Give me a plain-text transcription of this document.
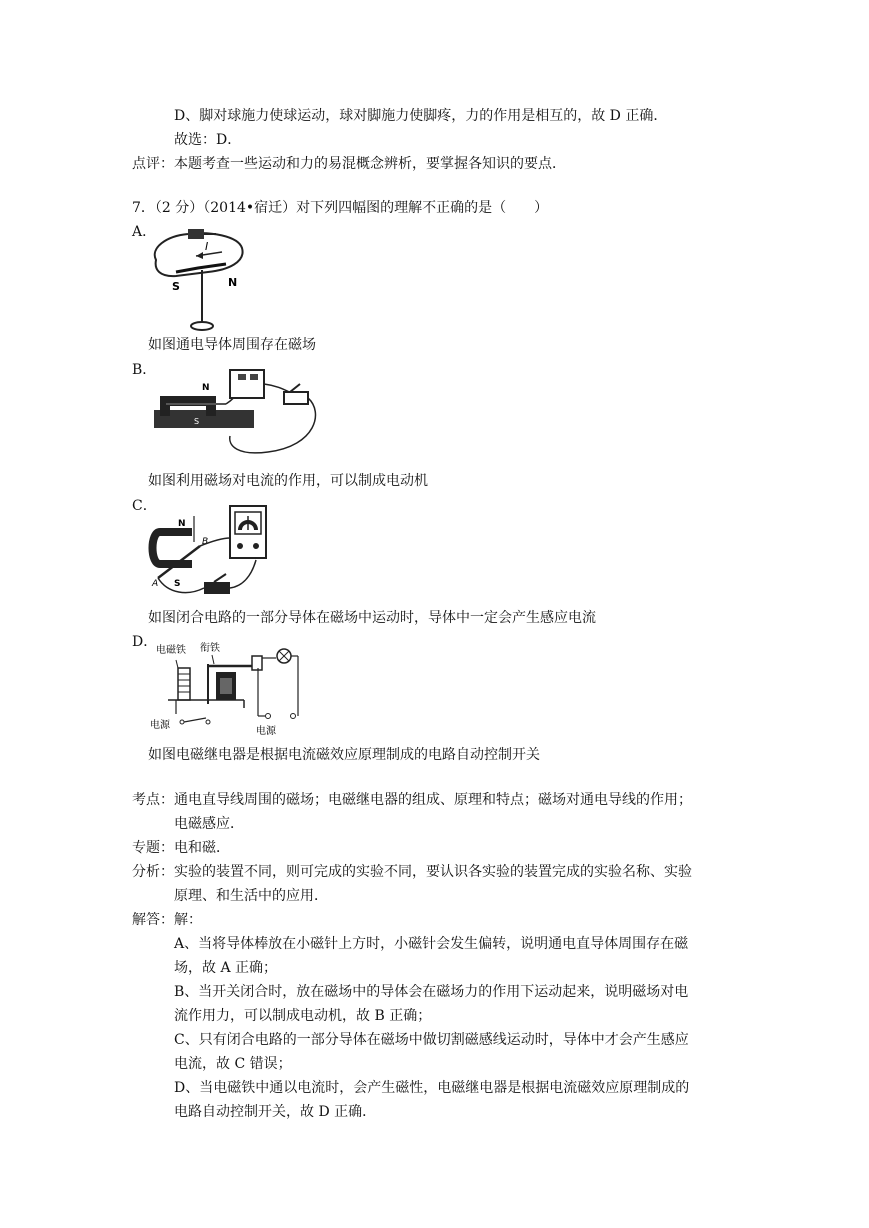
D、脚对球施力使球运动，球对脚施力使脚疼，力的作用是相互的，故 D 正确．
故选：D．
点评：本题考查一些运动和力的易混概念辨析，要掌握各知识的要点．
7．（2 分）（2014•宿迁）对下列四幅图的理解不正确的是（　　）
A．
I
S	N
如图通电导体周围存在磁场
B．
N
S
如图利用磁场对电流的作用，可以制成电动机
C．
N
B
A S
如图闭合电路的一部分导体在磁场中运动时，导体中一定会产生感应电流
D．
电磁铁 衔铁
电源
电源
如图电磁继电器是根据电流磁效应原理制成的电路自动控制开关
考点：通电直导线周围的磁场；电磁继电器的组成、原理和特点；磁场对通电导线的作用；
电磁感应．
专题：电和磁．
分析：实验的装置不同，则可完成的实验不同，要认识各实验的装置完成的实验名称、实验
原理、和生活中的应用．
解答：解：
A、当将导体棒放在小磁针上方时，小磁针会发生偏转，说明通电直导体周围存在磁
场，故 A 正确；
B、当开关闭合时，放在磁场中的导体会在磁场力的作用下运动起来，说明磁场对电
流作用力，可以制成电动机，故 B 正确；
C、只有闭合电路的一部分导体在磁场中做切割磁感线运动时，导体中才会产生感应
电流，故 C 错误；
D、当电磁铁中通以电流时，会产生磁性，电磁继电器是根据电流磁效应原理制成的
电路自动控制开关，故 D 正确．
